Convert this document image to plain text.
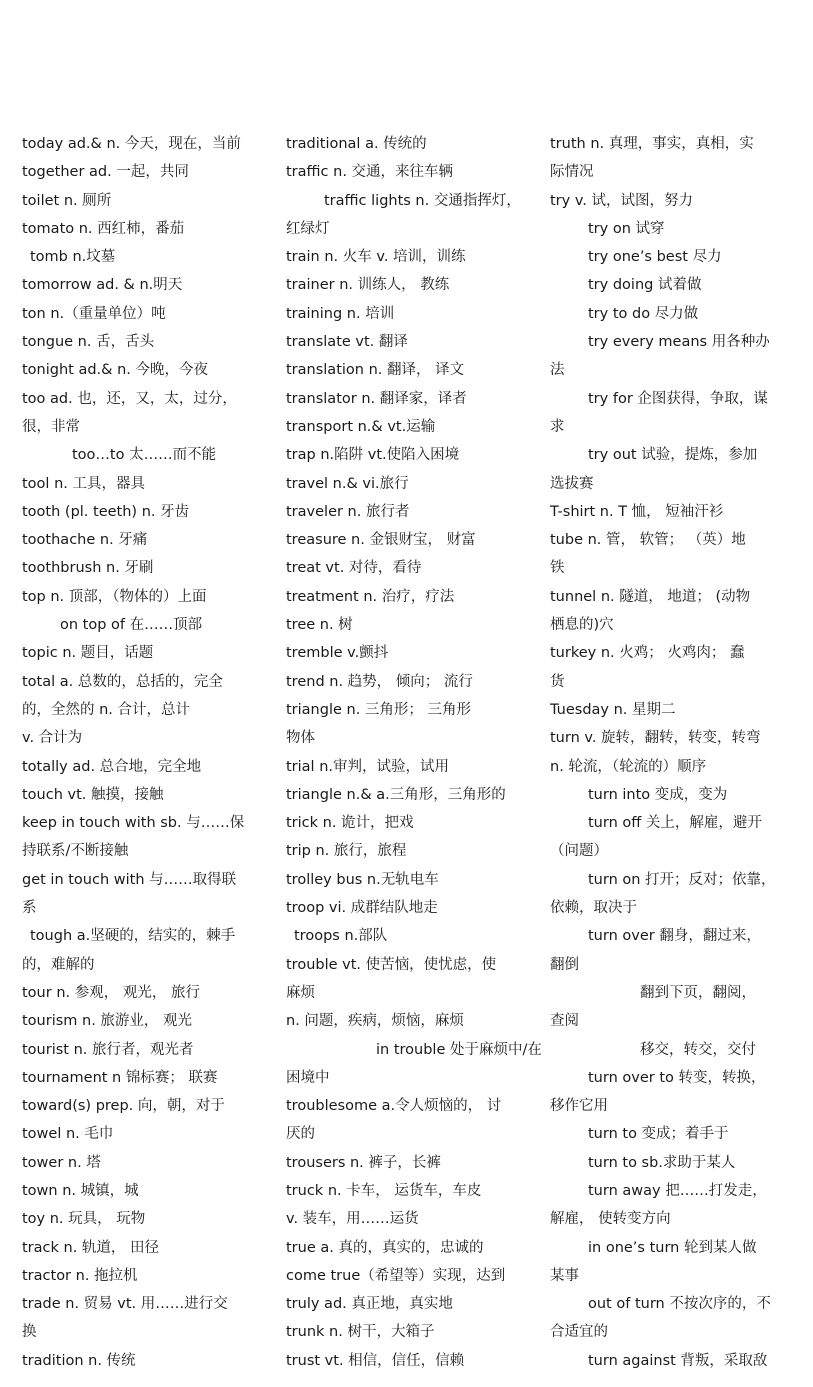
today ad.& n. 今天，现在，当前
together ad. 一起，共同
toilet n. 厕所
tomato n. 西红柿，番茄
tomb n.坟墓
tomorrow ad. & n.明天
ton n.（重量单位）吨
tongue n. 舌，舌头
tonight ad.& n. 今晚，今夜
too ad. 也，还，又，太，过分，
很，非常
too…to 太……而不能
tool n. 工具，器具
tooth (pl. teeth) n. 牙齿
toothache n. 牙痛
toothbrush n. 牙刷
top n. 顶部，（物体的）上面
on top of 在……顶部
topic n. 题目，话题
total a. 总数的，总括的，完全
的，全然的 n. 合计，总计
v. 合计为
totally ad. 总合地，完全地
touch vt. 触摸，接触
keep in touch with sb. 与……保
持联系/不断接触
get in touch with 与……取得联
系
tough a.坚硬的，结实的，棘手
的，难解的
tour n. 参观， 观光， 旅行
tourism n. 旅游业， 观光
tourist n. 旅行者，观光者
tournament n 锦标赛； 联赛
toward(s) prep. 向，朝，对于
towel n. 毛巾
tower n. 塔
town n. 城镇，城
toy n. 玩具， 玩物
track n. 轨道， 田径
tractor n. 拖拉机
trade n. 贸易 vt. 用……进行交
换
tradition n. 传统
traditional a. 传统的
traffic n. 交通，来往车辆
traffic lights n. 交通指挥灯，
红绿灯
train n. 火车 v. 培训，训练
trainer n. 训练人， 教练
training n. 培训
translate vt. 翻译
translation n. 翻译， 译文
translator n. 翻译家，译者
transport n.& vt.运输
trap n.陷阱 vt.使陷入困境
travel n.& vi.旅行
traveler n. 旅行者
treasure n. 金银财宝， 财富
treat vt. 对待，看待
treatment n. 治疗，疗法
tree n. 树
tremble v.颤抖
trend n. 趋势， 倾向； 流行
triangle n. 三角形； 三角形
物体
trial n.审判，试验，试用
triangle n.& a.三角形，三角形的
trick n. 诡计，把戏
trip n. 旅行，旅程
trolley bus n.无轨电车
troop vi. 成群结队地走
troops n.部队
trouble vt. 使苦恼，使忧虑，使
麻烦
n. 问题，疾病，烦恼，麻烦
in trouble 处于麻烦中/在
困境中
troublesome a.令人烦恼的， 讨
厌的
trousers n. 裤子，长裤
truck n. 卡车， 运货车，车皮
v. 装车，用……运货
true a. 真的，真实的，忠诚的
come true（希望等）实现，达到
truly ad. 真正地，真实地
trunk n. 树干，大箱子
trust vt. 相信，信任，信赖
truth n. 真理，事实，真相，实
际情况
try v. 试，试图，努力
try on 试穿
try one’s best 尽力
try doing 试着做
try to do 尽力做
try every means 用各种办
法
try for 企图获得，争取，谋
求
try out 试验，提炼，参加
选拔赛
T-shirt n. T 恤， 短袖汗衫
tube n. 管， 软管； （英）地
铁
tunnel n. 隧道， 地道； (动物
栖息的)穴
turkey n. 火鸡； 火鸡肉； 蠢
货
Tuesday n. 星期二
turn v. 旋转，翻转，转变，转弯
n. 轮流，（轮流的）顺序
turn into 变成，变为
turn off 关上，解雇，避开
（问题）
turn on 打开；反对；依靠，
依赖，取决于
turn over 翻身，翻过来，
翻倒
翻到下页，翻阅，
查阅
移交，转交，交付
turn over to 转变，转换，
移作它用
turn to 变成；着手于
turn to sb.求助于某人
turn away 把……打发走，
解雇， 使转变方向
in one’s turn 轮到某人做
某事
out of turn 不按次序的，不
合适宜的
turn against 背叛，采取敌
